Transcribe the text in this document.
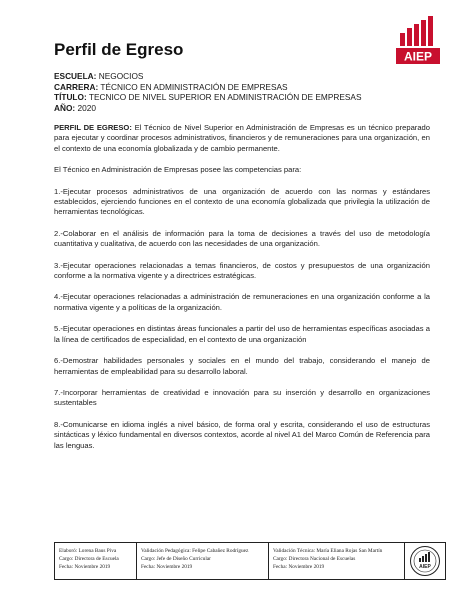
Perfil de Egreso	AIEP
ESCUELA: NEGOCIOS
CARRERA: TÉCNICO EN ADMINISTRACIÓN DE EMPRESAS
TÍTULO: TECNICO DE NIVEL SUPERIOR EN ADMINISTRACIÓN DE EMPRESAS
AÑO: 2020

PERFIL DE EGRESO: El Técnico de Nivel Superior en Administración de Empresas es un técnico preparado para ejecutar y coordinar procesos administrativos, financieros y de remuneraciones para una organización, en el contexto de una economía globalizada y de cambio permanente.

El Técnico en Administración de Empresas posee las competencias para:

1.-Ejecutar procesos administrativos de una organización de acuerdo con las normas y estándares establecidos, ejerciendo funciones en el contexto de una economía globalizada que privilegia la utilización de herramientas tecnológicas.

2.-Colaborar en el análisis de información para la toma de decisiones a través del uso de metodología cuantitativa y cualitativa, de acuerdo con las necesidades de una organización.

3.-Ejecutar operaciones relacionadas a temas financieros, de costos y presupuestos de una organización conforme a la normativa vigente y a directrices estratégicas.

4.-Ejecutar operaciones relacionadas a administración de remuneraciones en una organización conforme a la normativa vigente y a políticas de la organización.

5.-Ejecutar operaciones en distintas áreas funcionales a partir del uso de herramientas específicas asociadas a la línea de certificados de especialidad, en el contexto de una organización

6.-Demostrar habilidades personales y sociales en el mundo del trabajo, considerando el manejo de herramientas de empleabilidad para su desarrollo laboral.

7.-Incorporar herramientas de creatividad e innovación para su inserción y desarrollo en organizaciones sustentables

8.-Comunicarse en idioma inglés a nivel básico, de forma oral y escrita, considerando el uso de estructuras sintácticas y léxico fundamental en diversos contextos, acorde al nivel A1 del Marco Común de Referencia para las lenguas.

Elaboró: Lorena Baus Piva
Cargo: Directora de Escuela
Fecha: Noviembre 2019
Validación Pedagógica: Felipe Cabañez Rodríguez
Cargo: Jefe de Diseño Curricular
Fecha: Noviembre 2019
Validación Técnica: María Eliana Rojas San Martín
Cargo: Directora Nacional de Escuelas
Fecha: Noviembre 2019	AIEP
